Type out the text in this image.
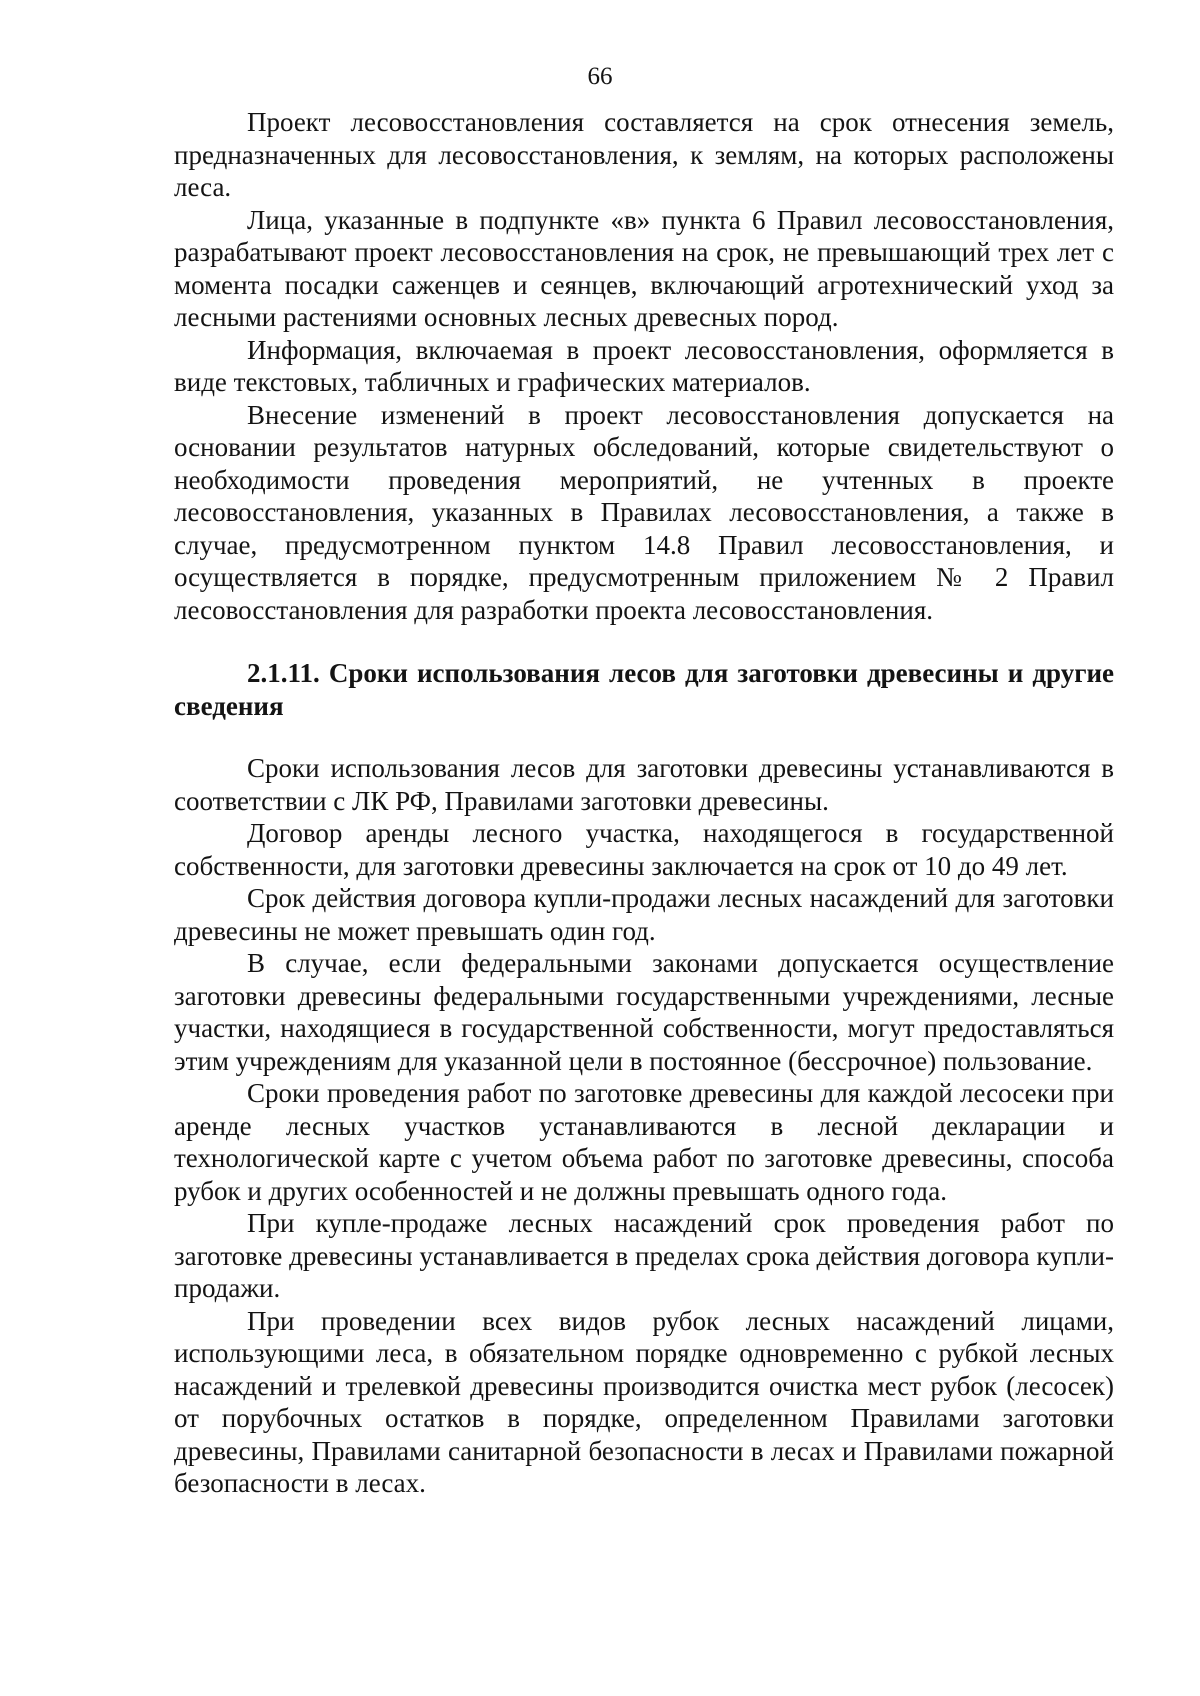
66

Проект лесовосстановления составляется на срок отнесения земель, предназначенных для лесовосстановления, к землям, на которых расположены леса.

Лица, указанные в подпункте «в» пункта 6 Правил лесовосстановления, разрабатывают проект лесовосстановления на срок, не превышающий трех лет с момента посадки саженцев и сеянцев, включающий агротехнический уход за лесными растениями основных лесных древесных пород.

Информация, включаемая в проект лесовосстановления, оформляется в виде текстовых, табличных и графических материалов.

Внесение изменений в проект лесовосстановления допускается на основании результатов натурных обследований, которые свидетельствуют о необходимости проведения мероприятий, не учтенных в проекте лесовосстановления, указанных в Правилах лесовосстановления, а также в случае, предусмотренном пунктом 14.8 Правил лесовосстановления, и осуществляется в порядке, предусмотренным приложением № 2 Правил лесовосстановления для разработки проекта лесовосстановления.

2.1.11. Сроки использования лесов для заготовки древесины и другие сведения

Сроки использования лесов для заготовки древесины устанавливаются в соответствии с ЛК РФ, Правилами заготовки древесины.

Договор аренды лесного участка, находящегося в государственной собственности, для заготовки древесины заключается на срок от 10 до 49 лет.

Срок действия договора купли-продажи лесных насаждений для заготовки древесины не может превышать один год.

В случае, если федеральными законами допускается осуществление заготовки древесины федеральными государственными учреждениями, лесные участки, находящиеся в государственной собственности, могут предоставляться этим учреждениям для указанной цели в постоянное (бессрочное) пользование.

Сроки проведения работ по заготовке древесины для каждой лесосеки при аренде лесных участков устанавливаются в лесной декларации и технологической карте с учетом объема работ по заготовке древесины, способа рубок и других особенностей и не должны превышать одного года.

При купле-продаже лесных насаждений срок проведения работ по заготовке древесины устанавливается в пределах срока действия договора купли-продажи.

При проведении всех видов рубок лесных насаждений лицами, использующими леса, в обязательном порядке одновременно с рубкой лесных насаждений и трелевкой древесины производится очистка мест рубок (лесосек) от порубочных остатков в порядке, определенном Правилами заготовки древесины, Правилами санитарной безопасности в лесах и Правилами пожарной безопасности в лесах.
